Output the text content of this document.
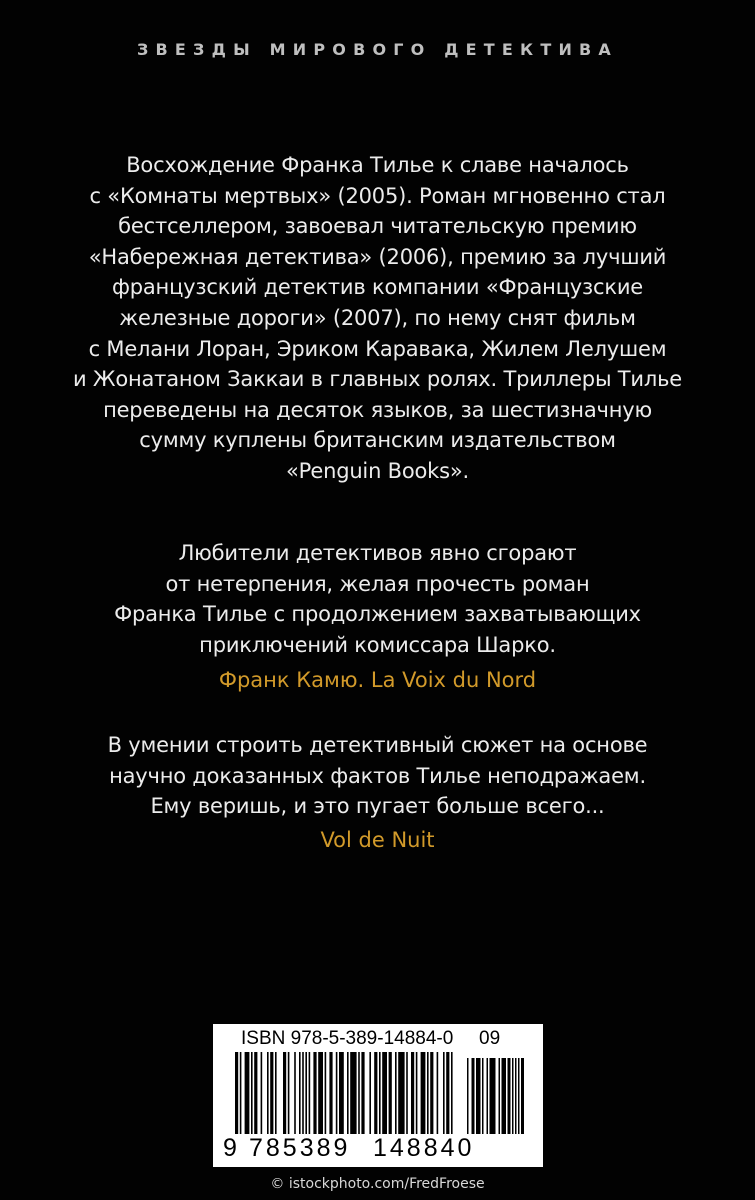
ЗВЕЗДЫ МИРОВОГО ДЕТЕКТИВА

Восхождение Франка Тилье к славе началось

с «Комнаты мертвых» (2005). Роман мгновенно стал

бестселлером, завоевал читательскую премию

«Набережная детектива» (2006), премию за лучший

французский детектив компании «Французские

железные дороги» (2007), по нему снят фильм

с Мелани Лоран, Эриком Каравака, Жилем Лелушем

и Жонатаном Заккаи в главных ролях. Триллеры Тилье

переведены на десяток языков, за шестизначную

сумму куплены британским издательством

«Penguin Books».

Любители детективов явно сгорают

от нетерпения, желая прочесть роман

Франка Тилье с продолжением захватывающих

приключений комиссара Шарко.

Франк Камю. La Voix du Nord

В умении строить детективный сюжет на основе

научно доказанных фактов Тилье неподражаем.

Ему веришь, и это пугает больше всего...

Vol de Nuit
ISBN 978-5-389-14884-0 09
9 785389 148840
© istockphoto.com/FredFroese
